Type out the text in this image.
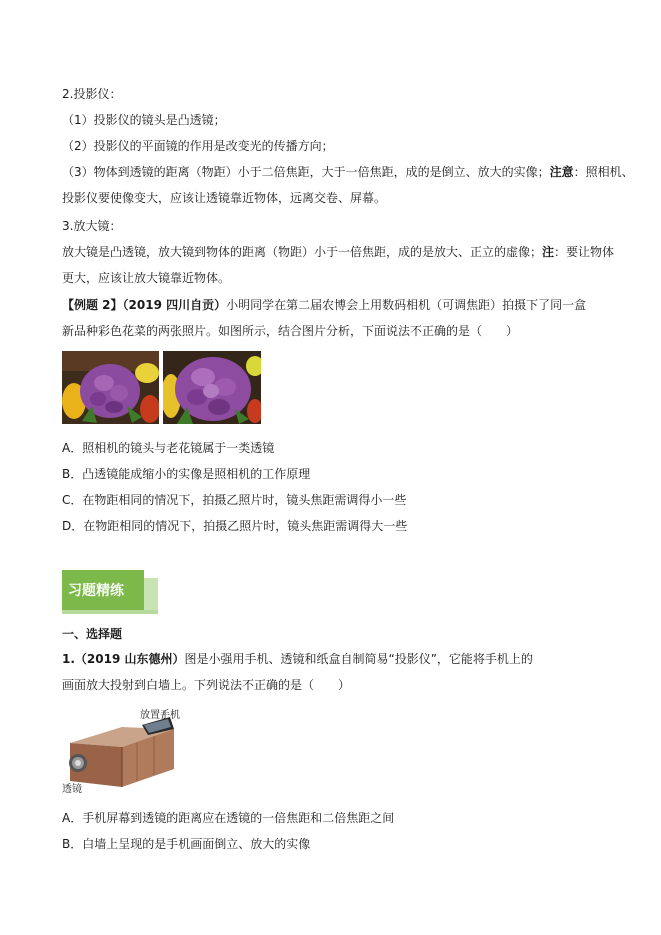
2.投影仪：
（1）投影仪的镜头是凸透镜；
（2）投影仪的平面镜的作用是改变光的传播方向；
（3）物体到透镜的距离（物距）小于二倍焦距，大于一倍焦距，成的是倒立、放大的实像；注意：照相机、
投影仪要使像变大，应该让透镜靠近物体，远离交卷、屏幕。
3.放大镜：
放大镜是凸透镜，放大镜到物体的距离（物距）小于一倍焦距，成的是放大、正立的虚像；注：要让物体
更大，应该让放大镜靠近物体。
【例题 2】（2019 四川自贡）小明同学在第二届农博会上用数码相机（可调焦距）拍摄下了同一盒
新品种彩色花菜的两张照片。如图所示，结合图片分析，下面说法不正确的是（　　）
A．照相机的镜头与老花镜属于一类透镜
B．凸透镜能成缩小的实像是照相机的工作原理
C．在物距相同的情况下，拍摄乙照片时，镜头焦距需调得小一些
D．在物距相同的情况下，拍摄乙照片时，镜头焦距需调得大一些
习题精练
一、选择题
1.（2019 山东德州）图是小强用手机、透镜和纸盒自制简易“投影仪”，它能将手机上的
画面放大投射到白墙上。下列说法不正确的是（　　）
放置手机
透镜
A．手机屏幕到透镜的距离应在透镜的一倍焦距和二倍焦距之间
B．白墙上呈现的是手机画面倒立、放大的实像
